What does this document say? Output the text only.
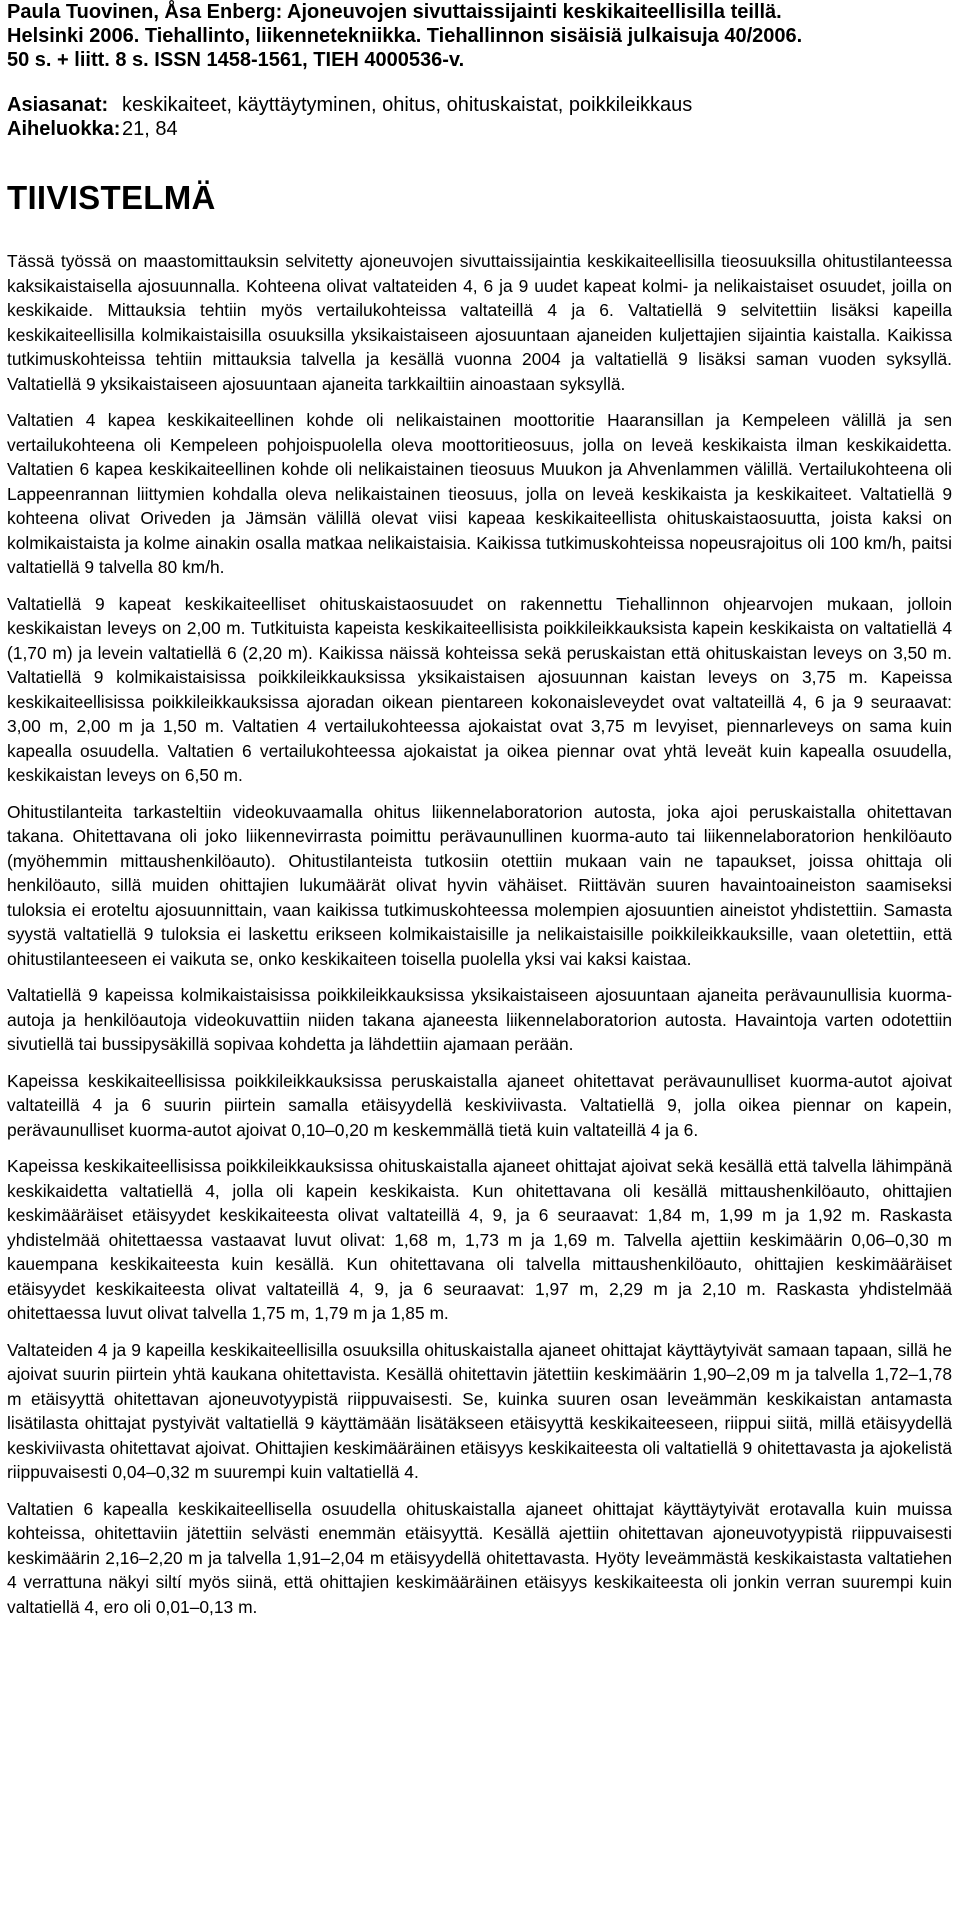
Paula Tuovinen, Åsa Enberg: Ajoneuvojen sivuttaissijainti keskikaiteellisilla teillä.
Helsinki 2006. Tiehallinto, liikennetekniikka. Tiehallinnon sisäisiä julkaisuja 40/2006.
50 s. + liitt. 8 s. ISSN 1458-1561, TIEH 4000536-v.
Asiasanat: keskikaiteet, käyttäytyminen, ohitus, ohituskaistat, poikkileikkaus
Aiheluokka: 21, 84
TIIVISTELMÄ

Tässä työssä on maastomittauksin selvitetty ajoneuvojen sivuttaissijaintia keskikaiteellisilla tieosuuksilla ohitustilanteessa kaksikaistaisella ajosuunnalla. Kohteena olivat valtateiden 4, 6 ja 9 uudet kapeat kolmi- ja nelikaistaiset osuudet, joilla on keskikaide. Mittauksia tehtiin myös vertailukohteissa valtateillä 4 ja 6. Valtatiellä 9 selvitettiin lisäksi kapeilla keskikaiteellisilla kolmikaistaisilla osuuksilla yksikaistaiseen ajosuuntaan ajaneiden kuljettajien sijaintia kaistalla. Kaikissa tutkimuskohteissa tehtiin mittauksia talvella ja kesällä vuonna 2004 ja valtatiellä 9 lisäksi saman vuoden syksyllä. Valtatiellä 9 yksikaistaiseen ajosuuntaan ajaneita tarkkailtiin ainoastaan syksyllä.

Valtatien 4 kapea keskikaiteellinen kohde oli nelikaistainen moottoritie Haaransillan ja Kempeleen välillä ja sen vertailukohteena oli Kempeleen pohjoispuolella oleva moottoritieosuus, jolla on leveä keskikaista ilman keskikaidetta. Valtatien 6 kapea keskikaiteellinen kohde oli nelikaistainen tieosuus Muukon ja Ahvenlammen välillä. Vertailukohteena oli Lappeenrannan liittymien kohdalla oleva nelikaistainen tieosuus, jolla on leveä keskikaista ja keskikaiteet. Valtatiellä 9 kohteena olivat Oriveden ja Jämsän välillä olevat viisi kapeaa keskikaiteellista ohituskaistaosuutta, joista kaksi on kolmikaistaista ja kolme ainakin osalla matkaa nelikaistaisia. Kaikissa tutkimuskohteissa nopeusrajoitus oli 100 km/h, paitsi valtatiellä 9 talvella 80 km/h.

Valtatiellä 9 kapeat keskikaiteelliset ohituskaistaosuudet on rakennettu Tiehallinnon ohjearvojen mukaan, jolloin keskikaistan leveys on 2,00 m. Tutkituista kapeista keskikaiteellisista poikkileikkauksista kapein keskikaista on valtatiellä 4 (1,70 m) ja levein valtatiellä 6 (2,20 m). Kaikissa näissä kohteissa sekä peruskaistan että ohituskaistan leveys on 3,50 m. Valtatiellä 9 kolmikaistaisissa poikkileikkauksissa yksikaistaisen ajosuunnan kaistan leveys on 3,75 m. Kapeissa keskikaiteellisissa poikkileikkauksissa ajoradan oikean pientareen kokonaisleveydet ovat valtateillä 4, 6 ja 9 seuraavat: 3,00 m, 2,00 m ja 1,50 m. Valtatien 4 vertailukohteessa ajokaistat ovat 3,75 m levyiset, piennarleveys on sama kuin kapealla osuudella. Valtatien 6 vertailukohteessa ajokaistat ja oikea piennar ovat yhtä leveät kuin kapealla osuudella, keskikaistan leveys on 6,50 m.

Ohitustilanteita tarkasteltiin videokuvaamalla ohitus liikennelaboratorion autosta, joka ajoi peruskaistalla ohitettavan takana. Ohitettavana oli joko liikennevirrasta poimittu perävaunullinen kuorma-auto tai liikennelaboratorion henkilöauto (myöhemmin mittaushenkilöauto). Ohitustilanteista tutkosiin otettiin mukaan vain ne tapaukset, joissa ohittaja oli henkilöauto, sillä muiden ohittajien lukumäärät olivat hyvin vähäiset. Riittävän suuren havaintoaineiston saamiseksi tuloksia ei eroteltu ajosuunnittain, vaan kaikissa tutkimuskohteessa molempien ajosuuntien aineistot yhdistettiin. Samasta syystä valtatiellä 9 tuloksia ei laskettu erikseen kolmikaistaisille ja nelikaistaisille poikkileikkauksille, vaan oletettiin, että ohitustilanteeseen ei vaikuta se, onko keskikaiteen toisella puolella yksi vai kaksi kaistaa.

Valtatiellä 9 kapeissa kolmikaistaisissa poikkileikkauksissa yksikaistaiseen ajosuuntaan ajaneita perävaunullisia kuorma-autoja ja henkilöautoja videokuvattiin niiden takana ajaneesta liikennelaboratorion autosta. Havaintoja varten odotettiin sivutiellä tai bussipysäkillä sopivaa kohdetta ja lähdettiin ajamaan perään.

Kapeissa keskikaiteellisissa poikkileikkauksissa peruskaistalla ajaneet ohitettavat perävaunulliset kuorma-autot ajoivat valtateillä 4 ja 6 suurin piirtein samalla etäisyydellä keskiviivasta. Valtatiellä 9, jolla oikea piennar on kapein, perävaunulliset kuorma-autot ajoivat 0,10–0,20 m keskemmällä tietä kuin valtateillä 4 ja 6.

Kapeissa keskikaiteellisissa poikkileikkauksissa ohituskaistalla ajaneet ohittajat ajoivat sekä kesällä että talvella lähimpänä keskikaidetta valtatiellä 4, jolla oli kapein keskikaista. Kun ohitettavana oli kesällä mittaushenkilöauto, ohittajien keskimääräiset etäisyydet keskikaiteesta olivat valtateillä 4, 9, ja 6 seuraavat: 1,84 m, 1,99 m ja 1,92 m. Raskasta yhdistelmää ohitettaessa vastaavat luvut olivat: 1,68 m, 1,73 m ja 1,69 m. Talvella ajettiin keskimäärin 0,06–0,30 m kauempana keskikaiteesta kuin kesällä. Kun ohitettavana oli talvella mittaushenkilöauto, ohittajien keskimääräiset etäisyydet keskikaiteesta olivat valtateillä 4, 9, ja 6 seuraavat: 1,97 m, 2,29 m ja 2,10 m. Raskasta yhdistelmää ohitettaessa luvut olivat talvella 1,75 m, 1,79 m ja 1,85 m.

Valtateiden 4 ja 9 kapeilla keskikaiteellisilla osuuksilla ohituskaistalla ajaneet ohittajat käyttäytyivät samaan tapaan, sillä he ajoivat suurin piirtein yhtä kaukana ohitettavista. Kesällä ohitettavin jätettiin keskimäärin 1,90–2,09 m ja talvella 1,72–1,78 m etäisyyttä ohitettavan ajoneuvotyypistä riippuvaisesti. Se, kuinka suuren osan leveämmän keskikaistan antamasta lisätilasta ohittajat pystyivät valtatiellä 9 käyttämään lisätäkseen etäisyyttä keskikaiteeseen, riippui siitä, millä etäisyydellä keskiviivasta ohitettavat ajoivat. Ohittajien keskimääräinen etäisyys keskikaiteesta oli valtatiellä 9 ohitettavasta ja ajokelistä riippuvaisesti 0,04–0,32 m suurempi kuin valtatiellä 4.

Valtatien 6 kapealla keskikaiteellisella osuudella ohituskaistalla ajaneet ohittajat käyttäytyivät erotavalla kuin muissa kohteissa, ohitettaviin jätettiin selvästi enemmän etäisyyttä. Kesällä ajettiin ohitettavan ajoneuvotyypistä riippuvaisesti keskimäärin 2,16–2,20 m ja talvella 1,91–2,04 m etäisyydellä ohitettavasta. Hyöty leveämmästä keskikaistasta valtatiehen 4 verrattuna näkyi siltí myös siinä, että ohittajien keskimääräinen etäisyys keskikaiteesta oli jonkin verran suurempi kuin valtatiellä 4, ero oli 0,01–0,13 m.
